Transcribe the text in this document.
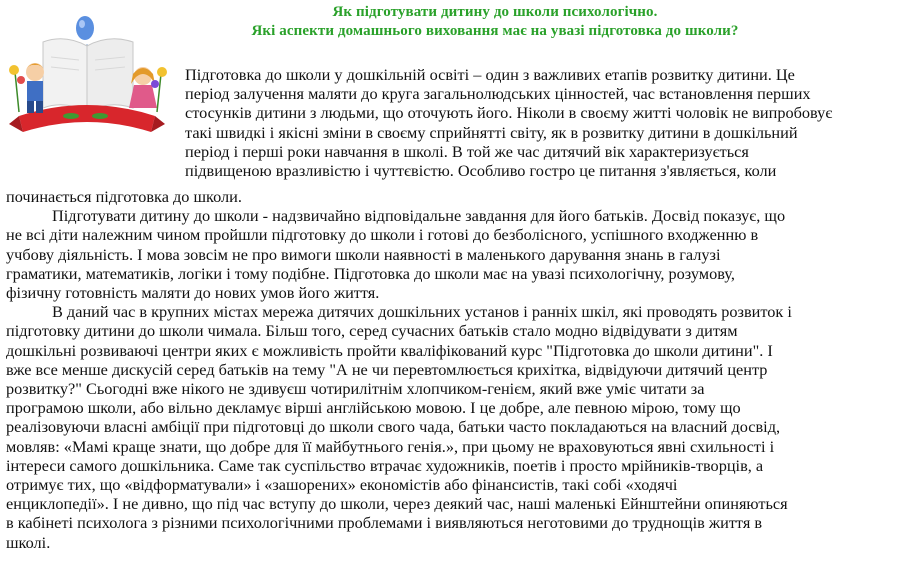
Як підготувати дитину до школи психологічно.
Які аспекти домашнього виховання має на увазі підготовка до школи?
Підготовка до школи у дошкільній освіті – один з важливих етапів розвитку дитини. Це
період залучення маляти до круга загальнолюдських цінностей, час встановлення перших
стосунків дитини з людьми, що оточують його. Ніколи в своєму житті чоловік не випробовує
такі швидкі і якісні зміни в своєму сприйнятті світу, як в розвитку дитини в дошкільний
період і перші роки навчання в школі. В той же час дитячий вік характеризується
підвищеною вразливістю і чуттєвістю. Особливо гостро це питання з'являється, коли
починається підготовка до школи.
Підготувати дитину до школи - надзвичайно відповідальне завдання для його батьків. Досвід показує, що
не всі діти належним чином пройшли підготовку до школи і готові до безболісного, успішного входженню в
учбову діяльність. І мова зовсім не про вимоги школи наявності в маленького дарування знань в галузі
граматики, математиків, логіки і тому подібне. Підготовка до школи має на увазі психологічну, розумову,
фізичну готовність маляти до нових умов його життя.
В даний час в крупних містах мережа дитячих дошкільних установ і ранніх шкіл, які проводять розвиток і
підготовку дитини до школи чимала. Більш того, серед сучасних батьків стало модно відвідувати з дитям
дошкільні розвиваючі центри яких є можливість пройти кваліфікований курс "Підготовка до школи дитини". І
вже все менше дискусій серед батьків на тему "А не чи перевтомлюється крихітка, відвідуючи дитячий центр
розвитку?" Сьогодні вже нікого не здивуєш чотирилітнім хлопчиком-генієм, який вже уміє читати за
програмою школи, або вільно декламує вірші англійською мовою. І це добре, але певною мірою, тому що
реалізовуючи власні амбіції при підготовці до школи свого чада, батьки часто покладаються на власний досвід,
мовляв: «Мамі краще знати, що добре для її майбутнього генія.», при цьому не враховуються явні схильності і
інтереси самого дошкільника. Саме так суспільство втрачає художників, поетів і просто мрійників-творців, а
отримує тих, що «відформатували» і «зашорених» економістів або фінансистів, такі собі «ходячі
енциклопедії». І не дивно, що під час вступу до школи, через деякий час, наші маленькі Ейнштейни опиняються
в кабінеті психолога з різними психологічними проблемами і виявляються неготовими до труднощів життя в
школі.
